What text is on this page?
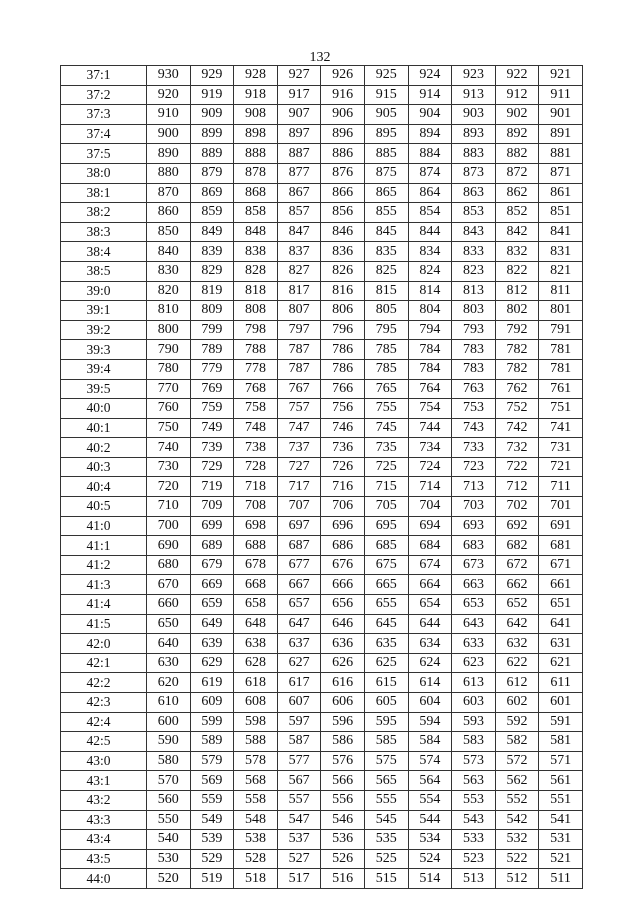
132
37:1	930	929	928	927	926	925	924	923	922	921
37:2	920	919	918	917	916	915	914	913	912	911
37:3	910	909	908	907	906	905	904	903	902	901
37:4	900	899	898	897	896	895	894	893	892	891
37:5	890	889	888	887	886	885	884	883	882	881
38:0	880	879	878	877	876	875	874	873	872	871
38:1	870	869	868	867	866	865	864	863	862	861
38:2	860	859	858	857	856	855	854	853	852	851
38:3	850	849	848	847	846	845	844	843	842	841
38:4	840	839	838	837	836	835	834	833	832	831
38:5	830	829	828	827	826	825	824	823	822	821
39:0	820	819	818	817	816	815	814	813	812	811
39:1	810	809	808	807	806	805	804	803	802	801
39:2	800	799	798	797	796	795	794	793	792	791
39:3	790	789	788	787	786	785	784	783	782	781
39:4	780	779	778	787	786	785	784	783	782	781
39:5	770	769	768	767	766	765	764	763	762	761
40:0	760	759	758	757	756	755	754	753	752	751
40:1	750	749	748	747	746	745	744	743	742	741
40:2	740	739	738	737	736	735	734	733	732	731
40:3	730	729	728	727	726	725	724	723	722	721
40:4	720	719	718	717	716	715	714	713	712	711
40:5	710	709	708	707	706	705	704	703	702	701
41:0	700	699	698	697	696	695	694	693	692	691
41:1	690	689	688	687	686	685	684	683	682	681
41:2	680	679	678	677	676	675	674	673	672	671
41:3	670	669	668	667	666	665	664	663	662	661
41:4	660	659	658	657	656	655	654	653	652	651
41:5	650	649	648	647	646	645	644	643	642	641
42:0	640	639	638	637	636	635	634	633	632	631
42:1	630	629	628	627	626	625	624	623	622	621
42:2	620	619	618	617	616	615	614	613	612	611
42:3	610	609	608	607	606	605	604	603	602	601
42:4	600	599	598	597	596	595	594	593	592	591
42:5	590	589	588	587	586	585	584	583	582	581
43:0	580	579	578	577	576	575	574	573	572	571
43:1	570	569	568	567	566	565	564	563	562	561
43:2	560	559	558	557	556	555	554	553	552	551
43:3	550	549	548	547	546	545	544	543	542	541
43:4	540	539	538	537	536	535	534	533	532	531
43:5	530	529	528	527	526	525	524	523	522	521
44:0	520	519	518	517	516	515	514	513	512	511
